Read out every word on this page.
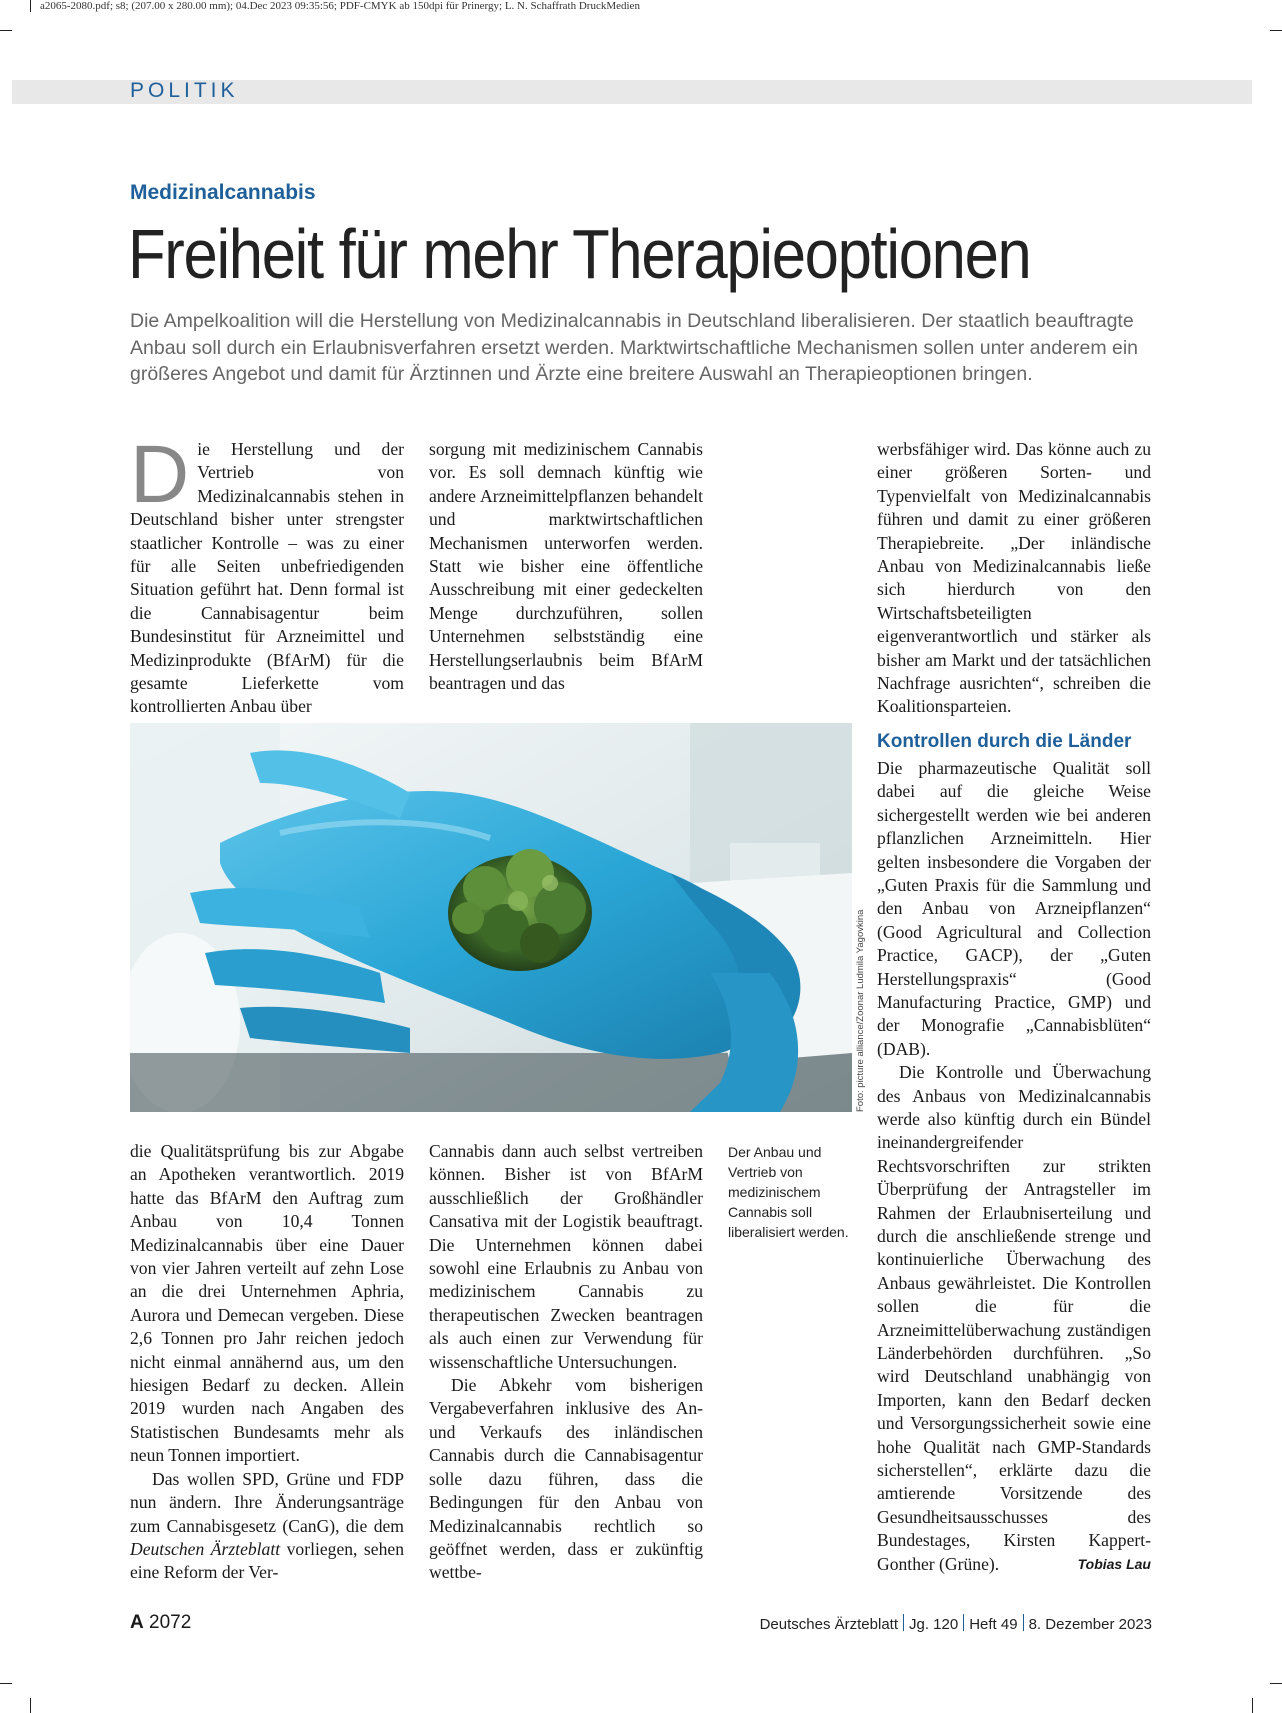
a2065-2080.pdf; s8; (207.00 x 280.00 mm); 04.Dec 2023 09:35:56; PDF-CMYK ab 150dpi für Prinergy; L. N. Schaffrath DruckMedien
POLITIK
Medizinalcannabis
Freiheit für mehr Therapieoptionen

Die Ampelkoalition will die Herstellung von Medizinalcannabis in Deutschland liberalisieren. Der staatlich beauftragte Anbau soll durch ein Erlaubnisverfahren ersetzt werden. Marktwirtschaftliche Mechanismen sollen unter anderem ein größeres Angebot und damit für Ärztinnen und Ärzte eine breitere Auswahl an Therapieoptionen bringen.

Die Herstellung und der Vertrieb von Medizinalcannabis stehen in Deutschland bisher unter strengster staatlicher Kontrolle – was zu einer für alle Seiten unbefriedigenden Situation geführt hat. Denn formal ist die Cannabisagentur beim Bundesinstitut für Arzneimittel und Medizinprodukte (BfArM) für die gesamte Lieferkette vom kontrollierten Anbau über

sorgung mit medizinischem Cannabis vor. Es soll demnach künftig wie andere Arzneimittelpflanzen behandelt und marktwirtschaftlichen Mechanismen unterworfen werden. Statt wie bisher eine öffentliche Ausschreibung mit einer gedeckelten Menge durchzuführen, sollen Unternehmen selbstständig eine Herstellungserlaubnis beim BfArM beantragen und das

werbsfähiger wird. Das könne auch zu einer größeren Sorten- und Typenvielfalt von Medizinalcannabis führen und damit zu einer größeren Therapiebreite. „Der inländische Anbau von Medizinalcannabis ließe sich hierdurch von den Wirtschaftsbeteiligten eigenverantwortlich und stärker als bisher am Markt und der tatsächlichen Nachfrage ausrichten“, schreiben die Koalitionsparteien.

Kontrollen durch die Länder

Die pharmazeutische Qualität soll dabei auf die gleiche Weise sichergestellt werden wie bei anderen pflanzlichen Arzneimitteln. Hier gelten insbesondere die Vorgaben der „Guten Praxis für die Sammlung und den Anbau von Arzneipflanzen“ (Good Agricultural and Collection Practice, GACP), der „Guten Herstellungspraxis“ (Good Manufacturing Practice, GMP) und der Monografie „Cannabisblüten“ (DAB).

Die Kontrolle und Überwachung des Anbaus von Medizinalcannabis werde also künftig durch ein Bündel ineinandergreifender Rechtsvorschriften zur strikten Überprüfung der Antragsteller im Rahmen der Erlaubniserteilung und durch die anschließende strenge und kontinuierliche Überwachung des Anbaus gewährleistet. Die Kontrollen sollen die für die Arzneimittelüberwachung zuständigen Länderbehörden durchführen. „So wird Deutschland unabhängig von Importen, kann den Bedarf decken und Versorgungssicherheit sowie eine hohe Qualität nach GMP-Standards sicherstellen“, erklärte dazu die amtierende Vorsitzende des Gesundheitsausschusses des Bundestages, Kirsten Kappert-Gonther (Grüne).	Tobias Lau

Foto: picture alliance/Zoonar Ludmila Yagovkina

die Qualitätsprüfung bis zur Abgabe an Apotheken verantwortlich. 2019 hatte das BfArM den Auftrag zum Anbau von 10,4 Tonnen Medizinalcannabis über eine Dauer von vier Jahren verteilt auf zehn Lose an die drei Unternehmen Aphria, Aurora und Demecan vergeben. Diese 2,6 Tonnen pro Jahr reichen jedoch nicht einmal annähernd aus, um den hiesigen Bedarf zu decken. Allein 2019 wurden nach Angaben des Statistischen Bundesamts mehr als neun Tonnen importiert.

Das wollen SPD, Grüne und FDP nun ändern. Ihre Änderungsanträge zum Cannabisgesetz (CanG), die dem Deutschen Ärzteblatt vorliegen, sehen eine Reform der Ver-

Cannabis dann auch selbst vertreiben können. Bisher ist von BfArM ausschließlich der Großhändler Cansativa mit der Logistik beauftragt. Die Unternehmen können dabei sowohl eine Erlaubnis zu Anbau von medizinischem Cannabis zu therapeutischen Zwecken beantragen als auch einen zur Verwendung für wissenschaftliche Untersuchungen.

Die Abkehr vom bisherigen Vergabeverfahren inklusive des An- und Verkaufs des inländischen Cannabis durch die Cannabisagentur solle dazu führen, dass die Bedingungen für den Anbau von Medizinalcannabis rechtlich so geöffnet werden, dass er zukünftig wettbe-

Der Anbau und Vertrieb von medizinischem Cannabis soll liberalisiert werden.
A 2072	Deutsches Ärzteblatt Jg. 120 Heft 49 8. Dezember 2023
